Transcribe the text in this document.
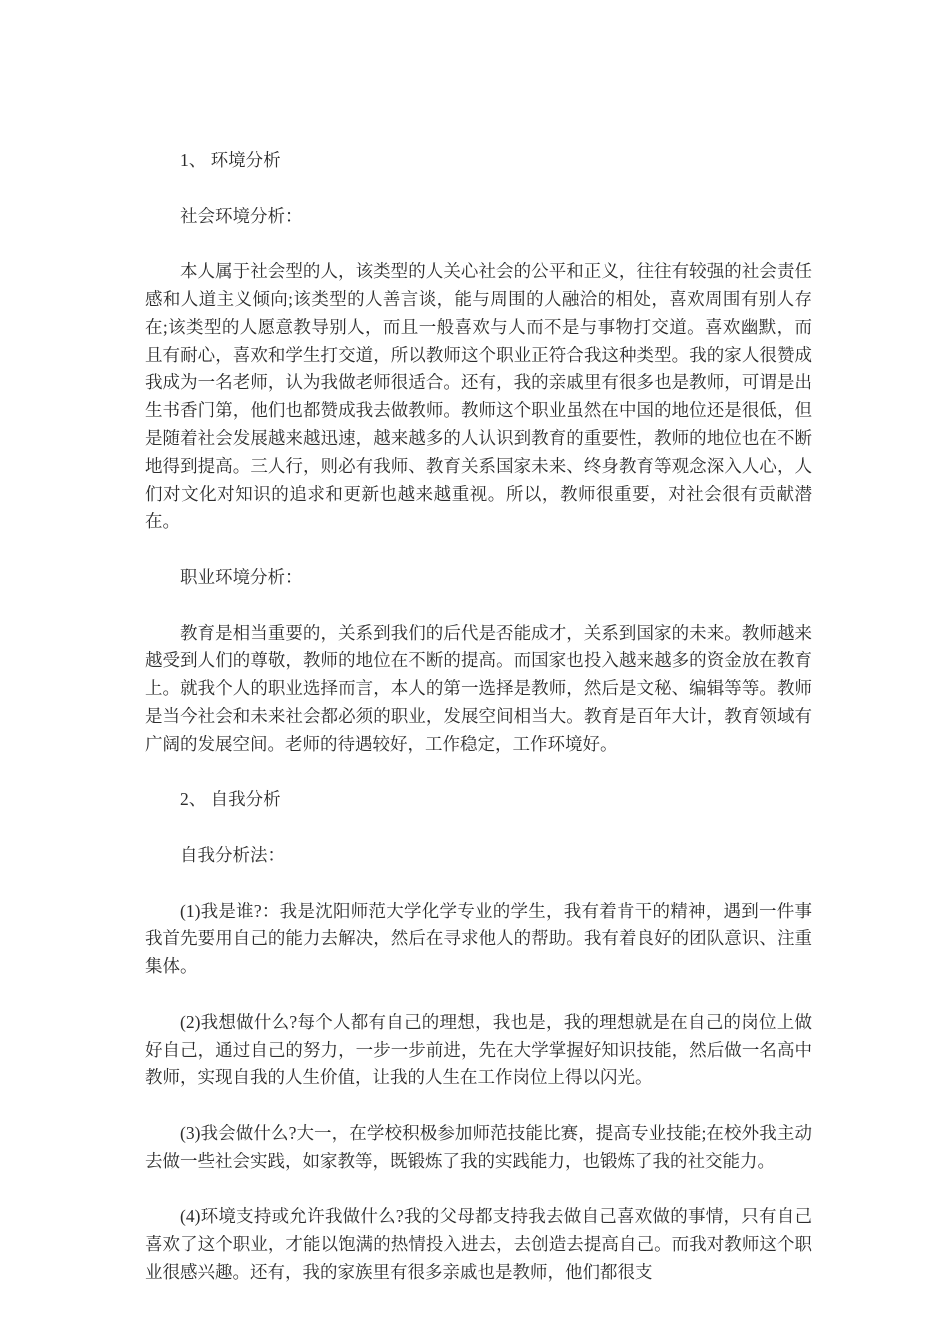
1、 环境分析

社会环境分析：

本人属于社会型的人，该类型的人关心社会的公平和正义，往往有较强的社会责任感和人道主义倾向;该类型的人善言谈，能与周围的人融洽的相处，喜欢周围有别人存在;该类型的人愿意教导别人，而且一般喜欢与人而不是与事物打交道。喜欢幽默，而且有耐心，喜欢和学生打交道，所以教师这个职业正符合我这种类型。我的家人很赞成我成为一名老师，认为我做老师很适合。还有，我的亲戚里有很多也是教师，可谓是出生书香门第，他们也都赞成我去做教师。教师这个职业虽然在中国的地位还是很低，但是随着社会发展越来越迅速，越来越多的人认识到教育的重要性，教师的地位也在不断地得到提高。三人行，则必有我师、教育关系国家未来、终身教育等观念深入人心，人们对文化对知识的追求和更新也越来越重视。所以，教师很重要，对社会很有贡献潜在。

职业环境分析：

教育是相当重要的，关系到我们的后代是否能成才，关系到国家的未来。教师越来越受到人们的尊敬，教师的地位在不断的提高。而国家也投入越来越多的资金放在教育上。就我个人的职业选择而言，本人的第一选择是教师，然后是文秘、编辑等等。教师是当今社会和未来社会都必须的职业，发展空间相当大。教育是百年大计，教育领域有广阔的发展空间。老师的待遇较好，工作稳定，工作环境好。

2、 自我分析

自我分析法：

(1)我是谁?：我是沈阳师范大学化学专业的学生，我有着肯干的精神，遇到一件事我首先要用自己的能力去解决，然后在寻求他人的帮助。我有着良好的团队意识、注重集体。

(2)我想做什么?每个人都有自己的理想，我也是，我的理想就是在自己的岗位上做好自己，通过自己的努力，一步一步前进，先在大学掌握好知识技能，然后做一名高中教师，实现自我的人生价值，让我的人生在工作岗位上得以闪光。

(3)我会做什么?大一，在学校积极参加师范技能比赛，提高专业技能;在校外我主动去做一些社会实践，如家教等，既锻炼了我的实践能力，也锻炼了我的社交能力。

(4)环境支持或允许我做什么?我的父母都支持我去做自己喜欢做的事情，只有自己喜欢了这个职业，才能以饱满的热情投入进去，去创造去提高自己。而我对教师这个职业很感兴趣。还有，我的家族里有很多亲戚也是教师，他们都很支
